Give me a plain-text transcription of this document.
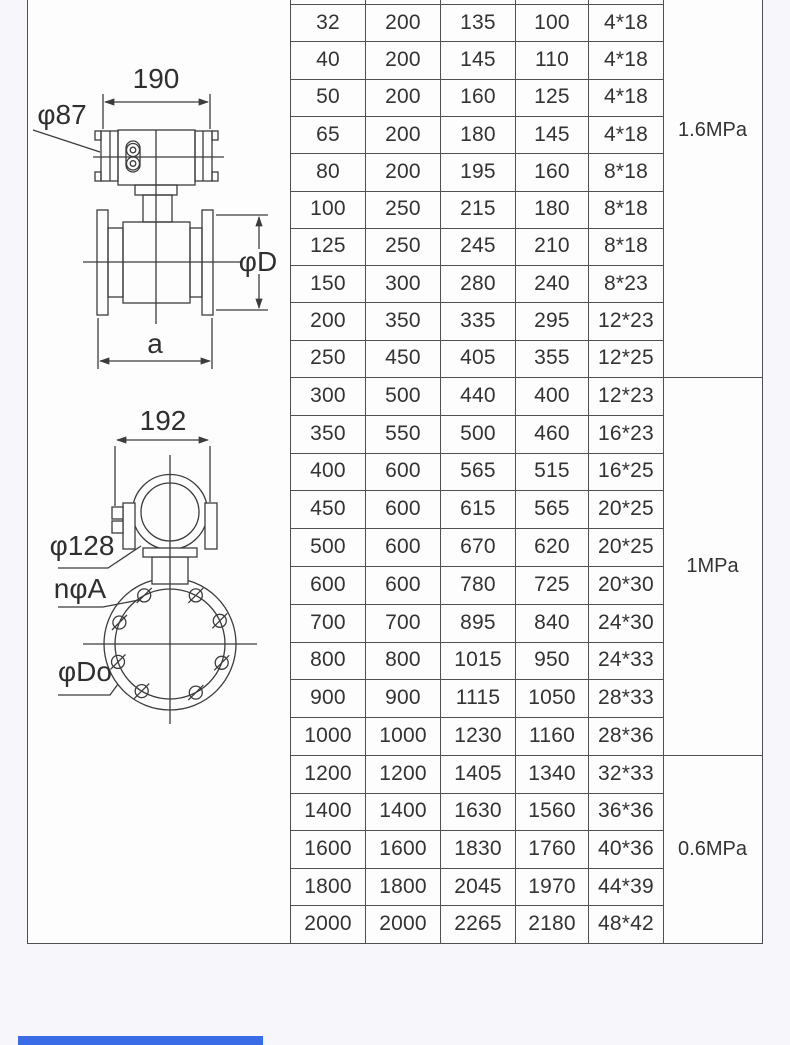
190
φ87
φD
a
192
φ128
nφA
φDo
32	200	135	100	4*18
40	200	145	110	4*18
50	200	160	125	4*18
65	200	180	145	4*18
80	200	195	160	8*18
100	250	215	180	8*18
125	250	245	210	8*18
150	300	280	240	8*23
200	350	335	295	12*23
250	450	405	355	12*25
300	500	440	400	12*23
350	550	500	460	16*23
400	600	565	515	16*25
450	600	615	565	20*25
500	600	670	620	20*25
600	600	780	725	20*30
700	700	895	840	24*30
800	800	1015	950	24*33
900	900	1115	1050	28*33
1000	1000	1230	1160	28*36
1200	1200	1405	1340	32*33
1400	1400	1630	1560	36*36
1600	1600	1830	1760	40*36
1800	1800	2045	1970	44*39
2000	2000	2265	2180	48*42
1.6MPa
1MPa
0.6MPa
